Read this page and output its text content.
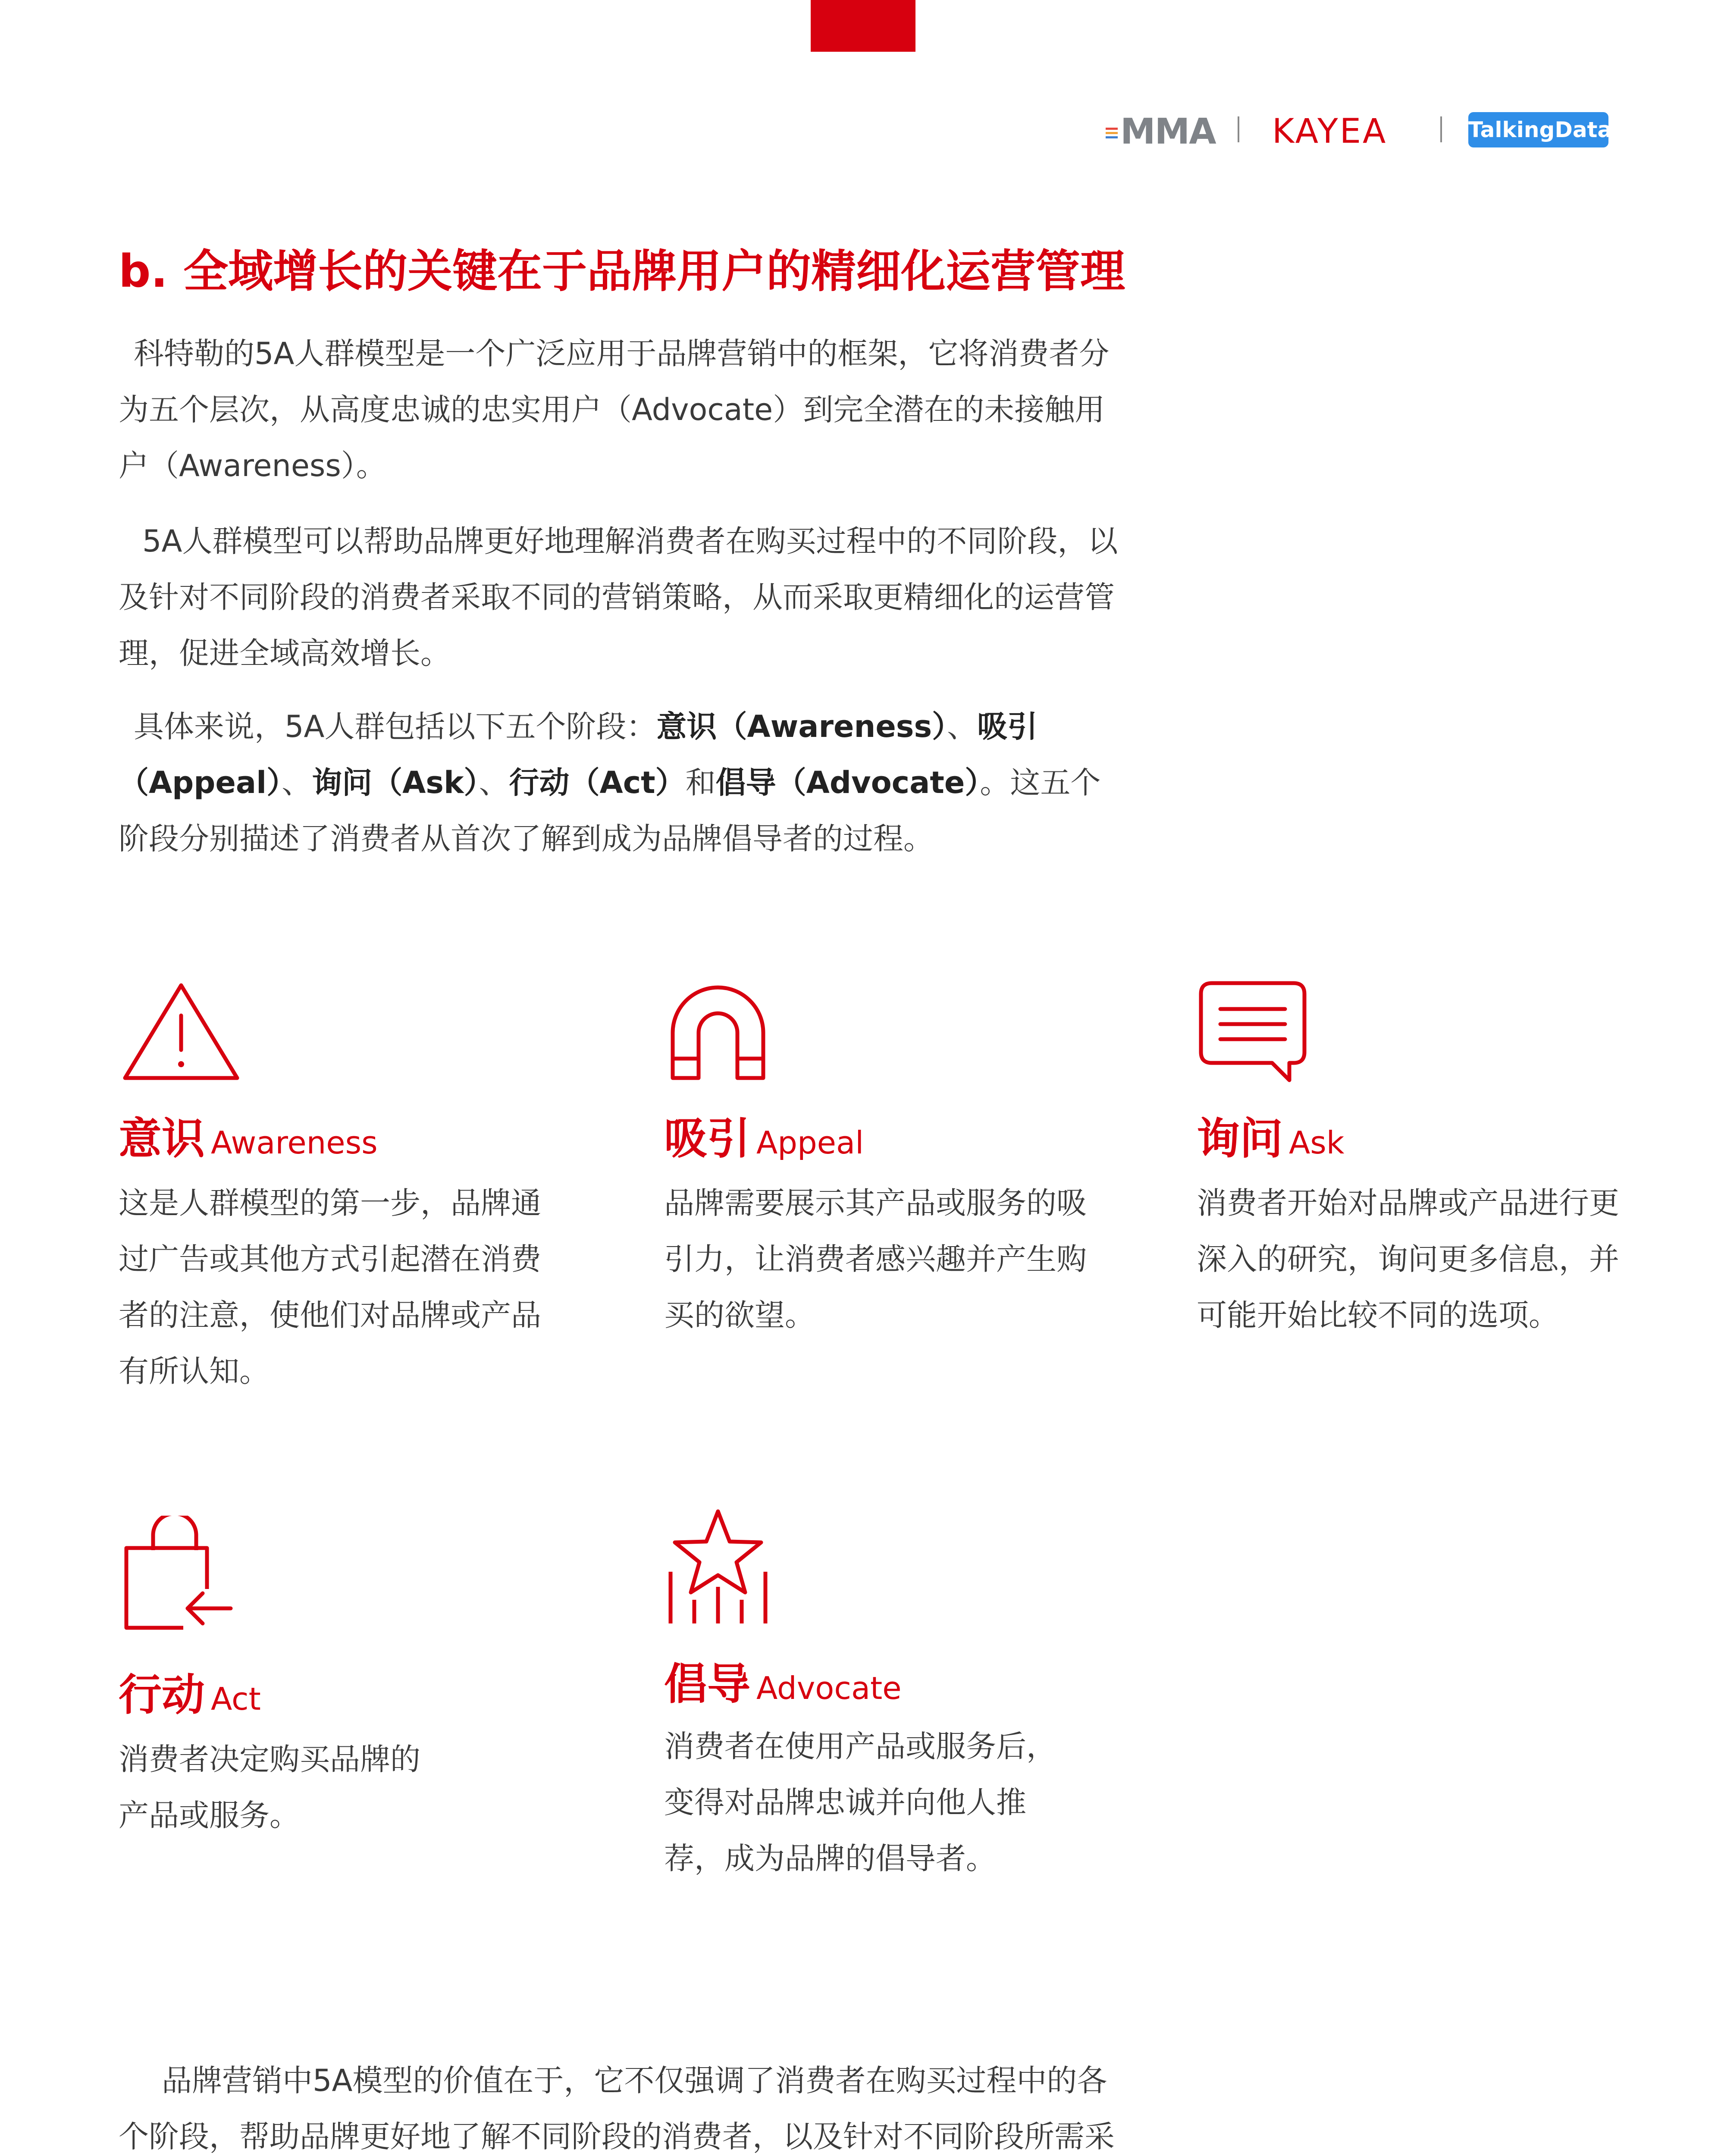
MMA KAYEA	TalkingData
b. 全域增长的关键在于品牌用户的精细化运营管理
科特勒的5A人群模型是一个广泛应用于品牌营销中的框架，它将消费者分为五个层次，从高度忠诚的忠实用户（Advocate）到完全潜在的未接触用户（Awareness）。
5A人群模型可以帮助品牌更好地理解消费者在购买过程中的不同阶段，以及针对不同阶段的消费者采取不同的营销策略，从而采取更精细化的运营管理，促进全域高效增长。
具体来说，5A人群包括以下五个阶段：意识（Awareness）、吸引（Appeal）、询问（Ask）、行动（Act）和倡导（Advocate）。这五个阶段分别描述了消费者从首次了解到成为品牌倡导者的过程。
意识 Awareness
这是人群模型的第一步，品牌通过广告或其他方式引起潜在消费者的注意，使他们对品牌或产品有所认知。
吸引 Appeal
品牌需要展示其产品或服务的吸引力，让消费者感兴趣并产生购买的欲望。
询问 Ask
消费者开始对品牌或产品进行更深入的研究，询问更多信息，并可能开始比较不同的选项。
行动 Act
消费者决定购买品牌的产品或服务。
倡导 Advocate
消费者在使用产品或服务后，变得对品牌忠诚并向他人推荐，成为品牌的倡导者。
品牌营销中5A模型的价值在于，它不仅强调了消费者在购买过程中的各个阶段，帮助品牌更好地了解不同阶段的消费者，以及针对不同阶段所需采
